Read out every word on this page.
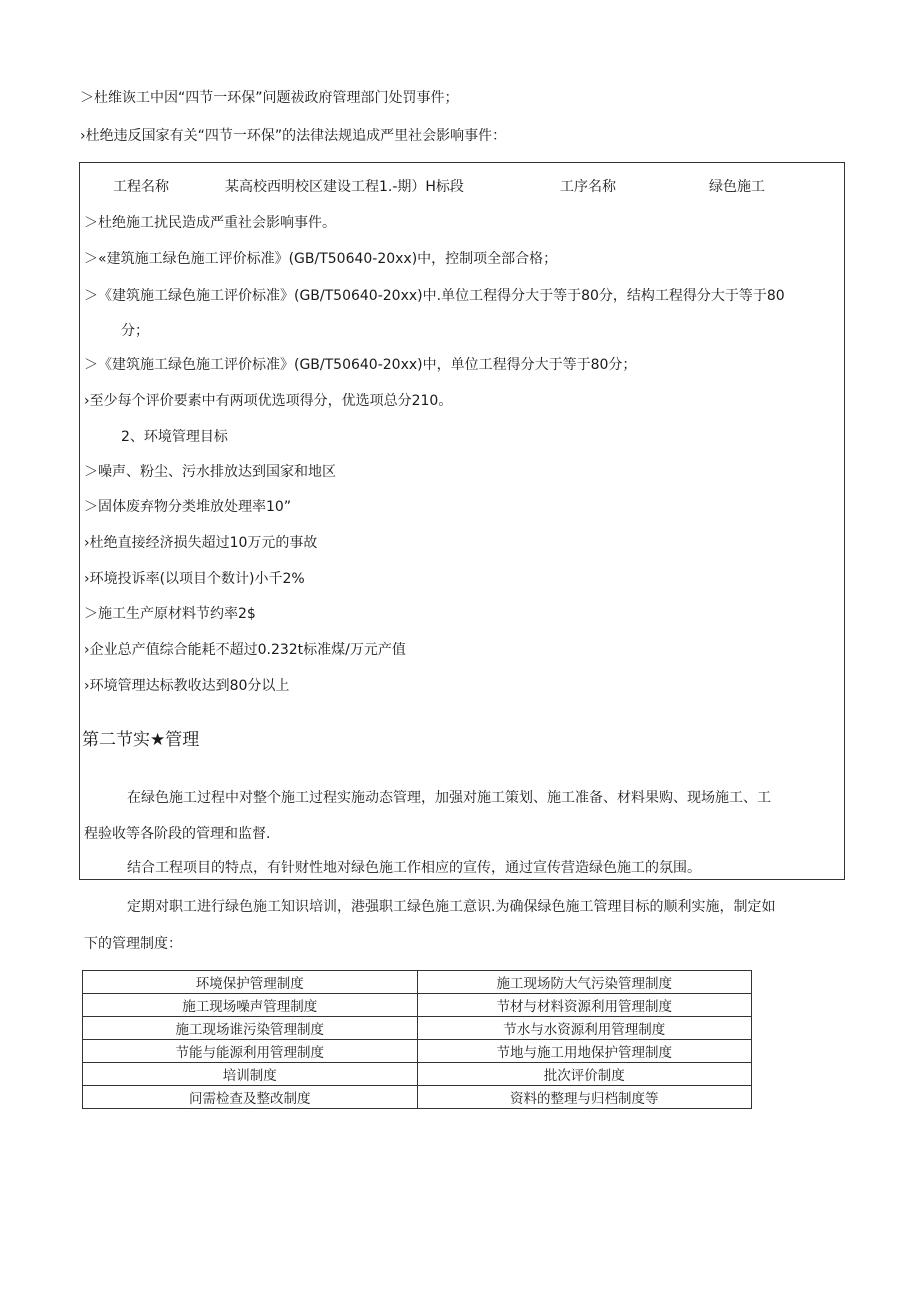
＞杜维诙工中因“四节一环保”问题祓政府管理部门处罚事件；
›杜绝违反国家有关“四节一环保”的法律法规追成严里社会影响事件：
工程名称	某高校西明校区建设工程1.-期）H标段	工序名称	绿色施工
＞杜绝施工扰民造成严重社会影响事件。
＞«建筑施工绿色施工评价标准》(GB/T50640-20xx)中，控制项全部合格；
＞《建筑施工绿色施工评价标准》(GB/T50640-20xx)中.单位工程得分大于等于80分，结构工程得分大于等于80
分；
＞《建筑施工绿色施工评价标准》(GB/T50640-20xx)中，单位工程得分大于等于80分；
›至少每个评价要素中有两项优选项得分，优选项总分210。
2、环境管理目标
＞噪声、粉尘、污水排放达到国家和地区
＞固体废弃物分类堆放处理率10”
›杜绝直接经济损失超过10万元的事故
›环境投诉率(以项目个数计)小千2%
＞施工生产原材料节约率2$
›企业总产值综合能耗不超过0.232t标准煤/万元产值
›环境管理达标教收达到80分以上
第二节实★管理
在绿色施工过程中对整个施工过程实施动态管理，加强对施工策划、施工准备、材料果购、现场施工、工
程验收等各阶段的管理和监督.
结合工程项目的特点，有针财性地对绿色施工作相应的宣传，通过宣传营造绿色施工的氛围。
定期对职工进行绿色施工知识培训，港强职工绿色施工意识.为确保绿色施工管理目标的顺利实施，制定如
下的管理制度：
环境保护管理制度	施工现场防大气污染管理制度
施工现场噪声管理制度	节材与材料资源利用管理制度
施工现场谁污染管理制度	节水与水资源利用管理制度
节能与能源利用管理制度	节地与施工用地保护管理制度
培训制度	批次评价制度
问需检查及整改制度	资料的整理与归档制度等
